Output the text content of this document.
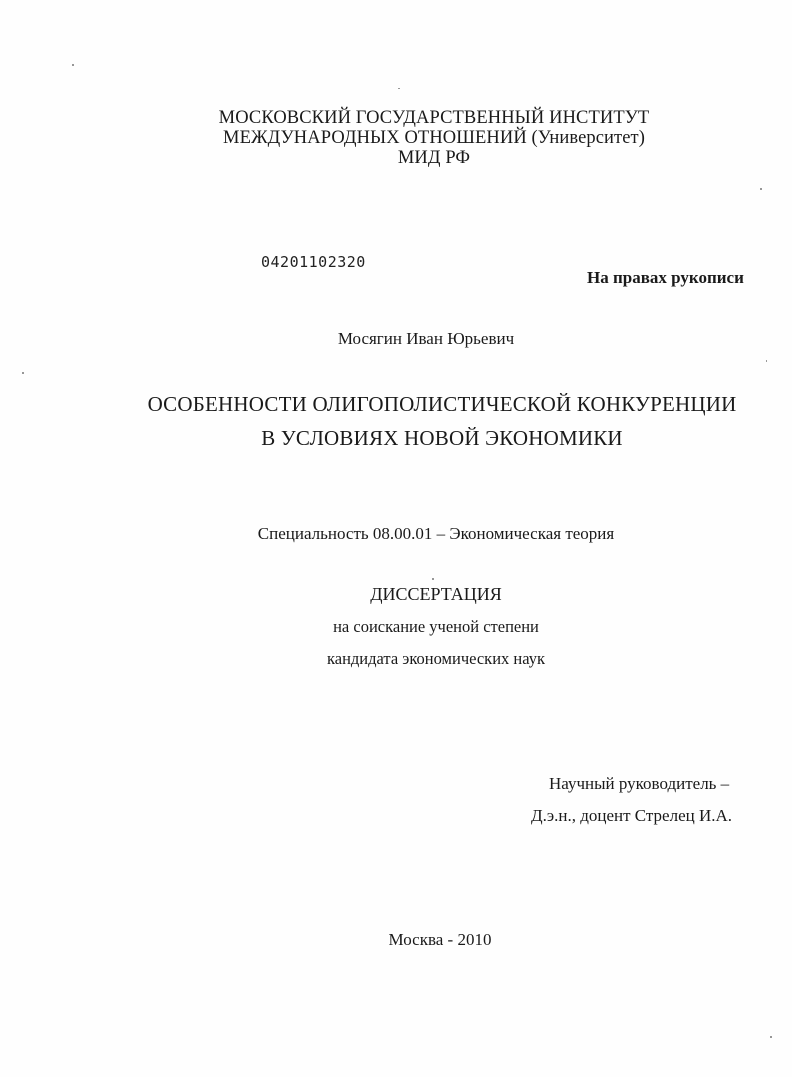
МОСКОВСКИЙ ГОСУДАРСТВЕННЫЙ ИНСТИТУТ
МЕЖДУНАРОДНЫХ ОТНОШЕНИЙ (Университет)
МИД РФ
04201102320
На правах рукописи
Мосягин Иван Юрьевич
ОСОБЕННОСТИ ОЛИГОПОЛИСТИЧЕСКОЙ КОНКУРЕНЦИИ
В УСЛОВИЯХ НОВОЙ ЭКОНОМИКИ
Специальность 08.00.01 – Экономическая теория
ДИССЕРТАЦИЯ
на соискание ученой степени
кандидата экономических наук
Научный руководитель –
Д.э.н., доцент Стрелец И.А.
Москва - 2010
